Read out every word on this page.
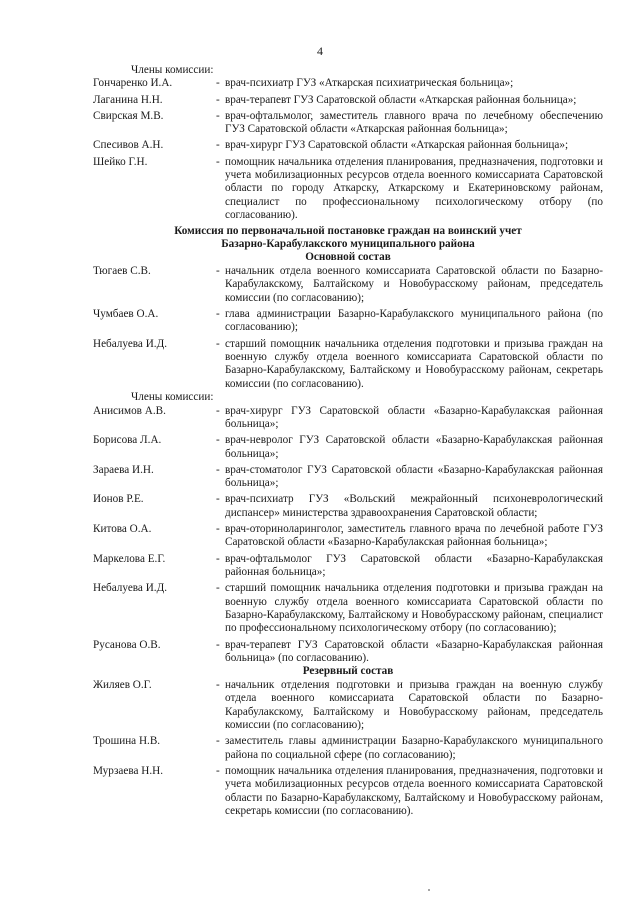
4
Члены комиссии:
Гончаренко И.А.	- врач-психиатр ГУЗ «Аткарская психиатрическая больница»;
Лаганина Н.Н.	- врач-терапевт ГУЗ Саратовской области «Аткарская районная больница»;
Свирская М.В.	- врач-офтальмолог, заместитель главного врача по лечебному обеспечению ГУЗ Саратовской области «Аткарская районная больница»;
Спесивов А.Н.	- врач-хирург ГУЗ Саратовской области «Аткарская районная больница»;
Шейко Г.Н.	- помощник начальника отделения планирования, предназначения, подготовки и учета мобилизационных ресурсов отдела военного комиссариата Саратовской области по городу Аткарску, Аткарскому и Екатериновскому районам, специалист по профессиональному психологическому отбору (по согласованию).
Комиссия по первоначальной постановке граждан на воинский учет
Базарно-Карабулакского муниципального района
Основной состав
Тюгаев С.В.	- начальник отдела военного комиссариата Саратовской области по Базарно-Карабулакскому, Балтайскому и Новобурасскому районам, председатель комиссии (по согласованию);
Чумбаев О.А.	- глава администрации Базарно-Карабулакского муниципального района (по согласованию);
Небалуева И.Д.	- старший помощник начальника отделения подготовки и призыва граждан на военную службу отдела военного комиссариата Саратовской области по Базарно-Карабулакскому, Балтайскому и Новобурасскому районам, секретарь комиссии (по согласованию).
Члены комиссии:
Анисимов А.В.	- врач-хирург ГУЗ Саратовской области «Базарно-Карабулакская районная больница»;
Борисова Л.А.	- врач-невролог ГУЗ Саратовской области «Базарно-Карабулакская районная больница»;
Зараева И.Н.	- врач-стоматолог ГУЗ Саратовской области «Базарно-Карабулакская районная больница»;
Ионов Р.Е.	- врач-психиатр ГУЗ «Вольский межрайонный психоневрологический диспансер» министерства здравоохранения Саратовской области;
Китова О.А.	- врач-оториноларинголог, заместитель главного врача по лечебной работе ГУЗ Саратовской области «Базарно-Карабулакская районная больница»;
Маркелова Е.Г.	- врач-офтальмолог ГУЗ Саратовской области «Базарно-Карабулакская районная больница»;
Небалуева И.Д.	- старший помощник начальника отделения подготовки и призыва граждан на военную службу отдела военного комиссариата Саратовской области по Базарно-Карабулакскому, Балтайскому и Новобурасскому районам, специалист по профессиональному психологическому отбору (по согласованию);
Русанова О.В.	- врач-терапевт ГУЗ Саратовской области «Базарно-Карабулакская районная больница» (по согласованию).
Резервный состав
Жиляев О.Г.	- начальник отделения подготовки и призыва граждан на военную службу отдела военного комиссариата Саратовской области по Базарно-Карабулакскому, Балтайскому и Новобурасскому районам, председатель комиссии (по согласованию);
Трошина Н.В.	- заместитель главы администрации Базарно-Карабулакского муниципального района по социальной сфере (по согласованию);
Мурзаева Н.Н.	- помощник начальника отделения планирования, предназначения, подготовки и учета мобилизационных ресурсов отдела военного комиссариата Саратовской области по Базарно-Карабулакскому, Балтайскому и Новобурасскому районам, секретарь комиссии (по согласованию).
